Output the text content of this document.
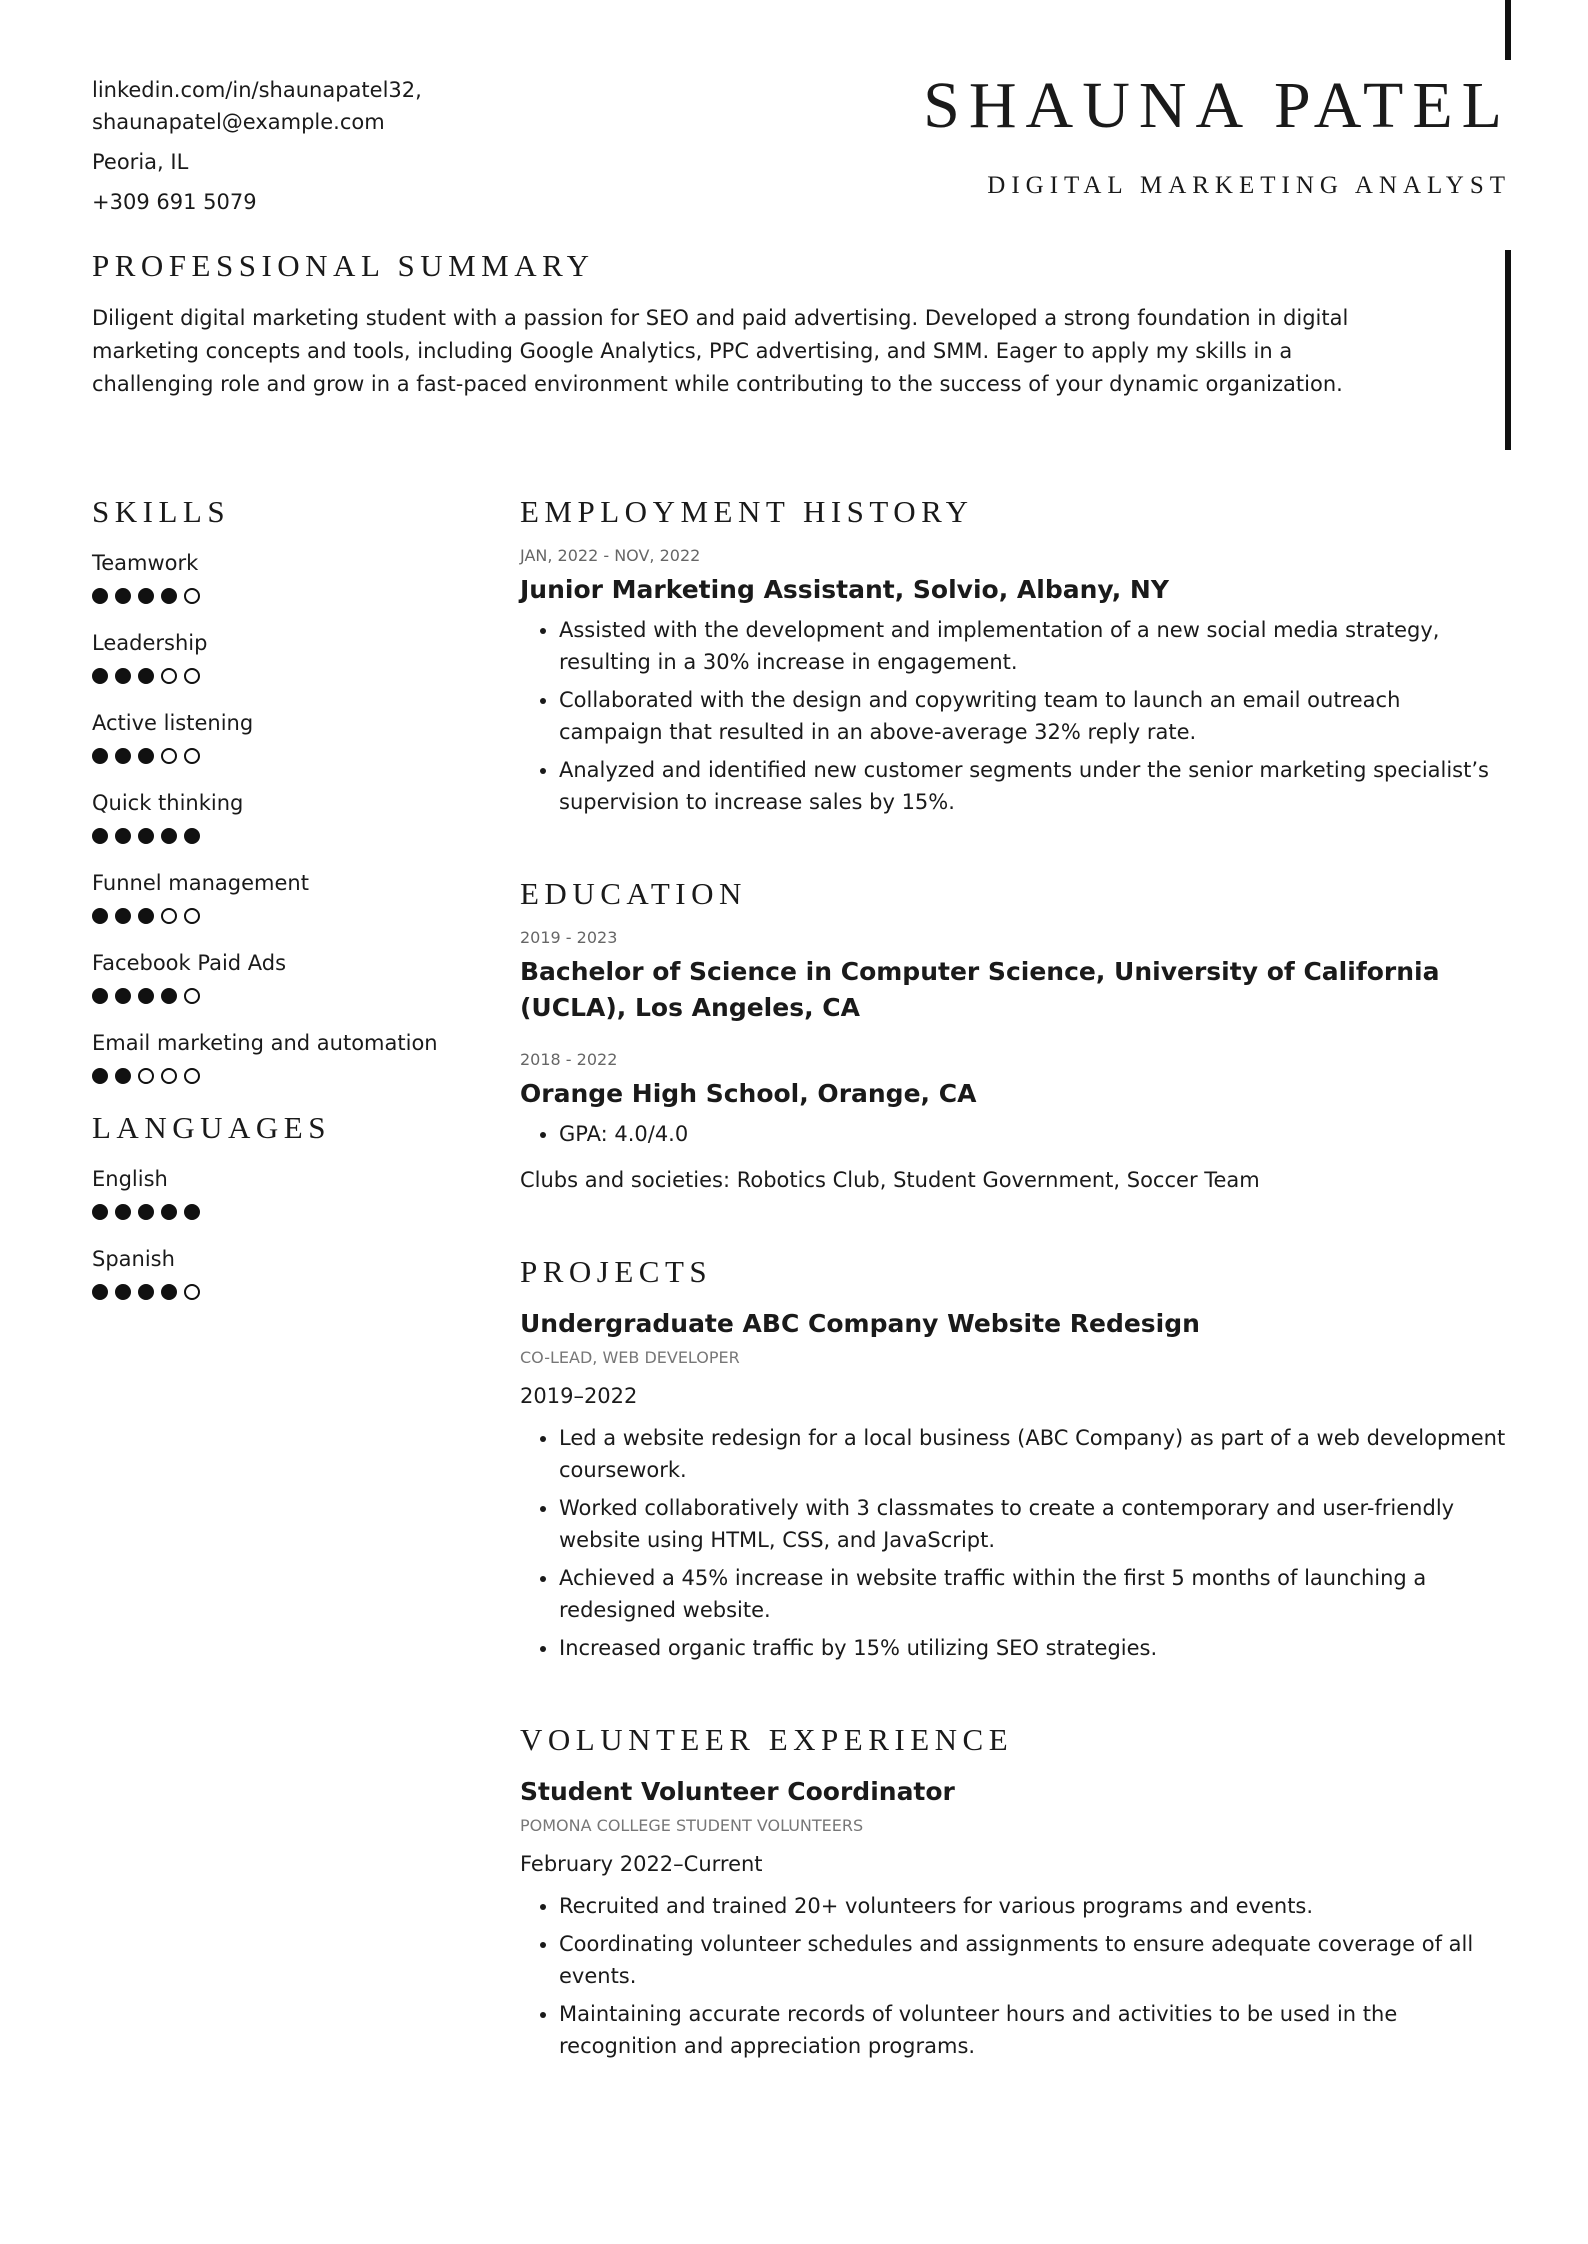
linkedin.com/in/shaunapatel32,
shaunapatel@example.com
Peoria, IL
+309 691 5079
SHAUNA PATEL
DIGITAL MARKETING ANALYST
PROFESSIONAL SUMMARY

Diligent digital marketing student with a passion for SEO and paid advertising. Developed a strong foundation in digital marketing concepts and tools, including Google Analytics, PPC advertising, and SMM. Eager to apply my skills in a challenging role and grow in a fast-paced environment while contributing to the success of your dynamic organization.

SKILLS
Teamwork
Leadership
Active listening
Quick thinking
Funnel management
Facebook Paid Ads
Email marketing and automation
LANGUAGES
English
Spanish
EMPLOYMENT HISTORY
JAN, 2022 - NOV, 2022
Junior Marketing Assistant, Solvio, Albany, NY
• Assisted with the development and implementation of a new social media strategy, resulting in a 30% increase in engagement.
• Collaborated with the design and copywriting team to launch an email outreach campaign that resulted in an above-average 32% reply rate.
• Analyzed and identified new customer segments under the senior marketing specialist’s supervision to increase sales by 15%.
EDUCATION
2019 - 2023
Bachelor of Science in Computer Science, University of California (UCLA), Los Angeles, CA
2018 - 2022
Orange High School, Orange, CA
• GPA: 4.0/4.0
Clubs and societies: Robotics Club, Student Government, Soccer Team
PROJECTS
Undergraduate ABC Company Website Redesign
CO-LEAD, WEB DEVELOPER
2019–2022
• Led a website redesign for a local business (ABC Company) as part of a web development coursework.
• Worked collaboratively with 3 classmates to create a contemporary and user-friendly website using HTML, CSS, and JavaScript.
• Achieved a 45% increase in website traffic within the first 5 months of launching a redesigned website.
• Increased organic traffic by 15% utilizing SEO strategies.
VOLUNTEER EXPERIENCE
Student Volunteer Coordinator
POMONA COLLEGE STUDENT VOLUNTEERS
February 2022–Current
• Recruited and trained 20+ volunteers for various programs and events.
• Coordinating volunteer schedules and assignments to ensure adequate coverage of all events.
• Maintaining accurate records of volunteer hours and activities to be used in the recognition and appreciation programs.
